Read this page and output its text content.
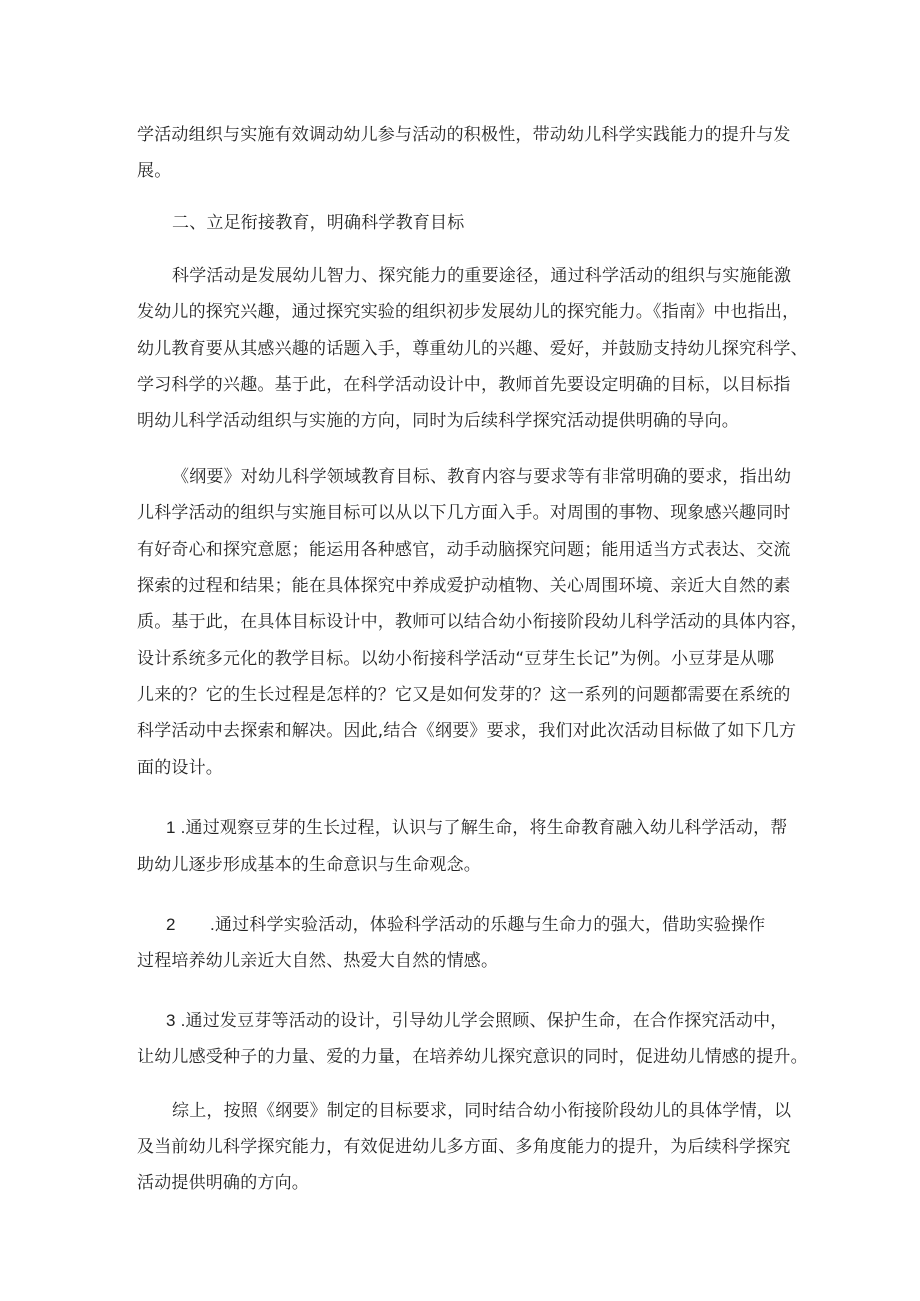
学活动组织与实施有效调动幼儿参与活动的积极性，带动幼儿科学实践能力的提升与发
展。
二、立足衔接教育，明确科学教育目标
科学活动是发展幼儿智力、探究能力的重要途径，通过科学活动的组织与实施能激
发幼儿的探究兴趣，通过探究实验的组织初步发展幼儿的探究能力。《指南》中也指出，
幼儿教育要从其感兴趣的话题入手，尊重幼儿的兴趣、爱好，并鼓励支持幼儿探究科学、
学习科学的兴趣。基于此，在科学活动设计中，教师首先要设定明确的目标，以目标指
明幼儿科学活动组织与实施的方向，同时为后续科学探究活动提供明确的导向。
《纲要》对幼儿科学领域教育目标、教育内容与要求等有非常明确的要求，指出幼
儿科学活动的组织与实施目标可以从以下几方面入手。对周围的事物、现象感兴趣同时
有好奇心和探究意愿；能运用各种感官，动手动脑探究问题；能用适当方式表达、交流
探索的过程和结果；能在具体探究中养成爱护动植物、关心周围环境、亲近大自然的素
质。基于此，在具体目标设计中，教师可以结合幼小衔接阶段幼儿科学活动的具体内容，
设计系统多元化的教学目标。以幼小衔接科学活动“豆芽生长记”为例。小豆芽是从哪
儿来的？它的生长过程是怎样的？它又是如何发芽的？这一系列的问题都需要在系统的
科学活动中去探索和解决。因此,结合《纲要》要求，我们对此次活动目标做了如下几方
面的设计。
1 .通过观察豆芽的生长过程，认识与了解生命，将生命教育融入幼儿科学活动，帮
助幼儿逐步形成基本的生命意识与生命观念。
2　　.通过科学实验活动，体验科学活动的乐趣与生命力的强大，借助实验操作
过程培养幼儿亲近大自然、热爱大自然的情感。
3 .通过发豆芽等活动的设计，引导幼儿学会照顾、保护生命，在合作探究活动中，
让幼儿感受种子的力量、爱的力量，在培养幼儿探究意识的同时，促进幼儿情感的提升。
综上，按照《纲要》制定的目标要求，同时结合幼小衔接阶段幼儿的具体学情，以
及当前幼儿科学探究能力，有效促进幼儿多方面、多角度能力的提升，为后续科学探究
活动提供明确的方向。
